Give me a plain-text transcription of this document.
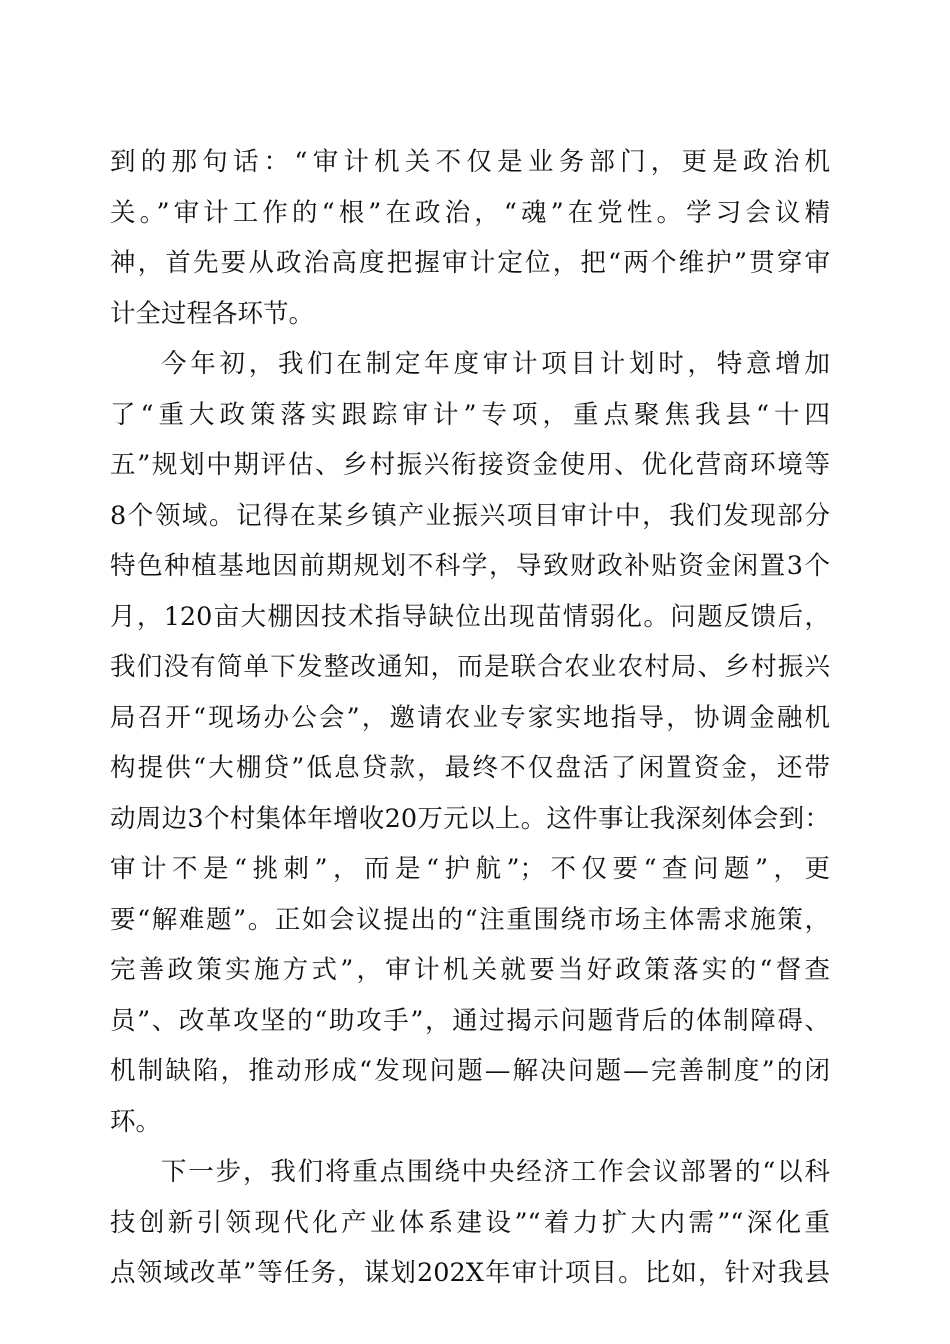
到的那句话：“审计机关不仅是业务部门，更是政治机
关。”审计工作的“根”在政治，“魂”在党性。学习会议精
神，首先要从政治高度把握审计定位，把“两个维护”贯穿审
计全过程各环节。
今年初，我们在制定年度审计项目计划时，特意增加
了“重大政策落实跟踪审计”专项，重点聚焦我县“十四
五”规划中期评估、乡村振兴衔接资金使用、优化营商环境等
8个领域。记得在某乡镇产业振兴项目审计中，我们发现部分
特色种植基地因前期规划不科学，导致财政补贴资金闲置3个
月，120亩大棚因技术指导缺位出现苗情弱化。问题反馈后，
我们没有简单下发整改通知，而是联合农业农村局、乡村振兴
局召开“现场办公会”，邀请农业专家实地指导，协调金融机
构提供“大棚贷”低息贷款，最终不仅盘活了闲置资金，还带
动周边3个村集体年增收20万元以上。这件事让我深刻体会到：
审计不是“挑刺”，而是“护航”；不仅要“查问题”，更
要“解难题”。正如会议提出的“注重围绕市场主体需求施策，
完善政策实施方式”，审计机关就要当好政策落实的“督查
员”、改革攻坚的“助攻手”，通过揭示问题背后的体制障碍、
机制缺陷，推动形成“发现问题—解决问题—完善制度”的闭
环。
下一步，我们将重点围绕中央经济工作会议部署的“以科
技创新引领现代化产业体系建设”“着力扩大内需”“深化重
点领域改革”等任务，谋划202X年审计项目。比如，针对我县
